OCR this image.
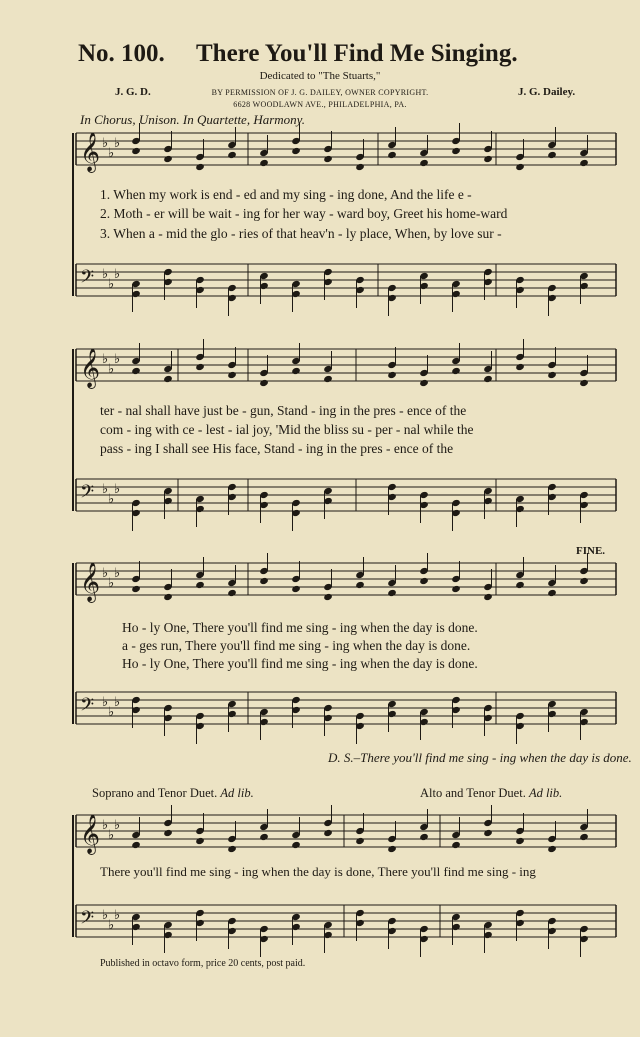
No. 100. There You'll Find Me Singing.
Dedicated to "The Stuarts,"
J. G. D.	J. G. Dailey.
BY PERMISSION OF J. G. DAILEY, OWNER COPYRIGHT.
6628 WOODLAWN AVE., PHILADELPHIA, PA.
In Chorus, Unison. In Quartette, Harmony.
𝄞 ♭
♭
♭
𝄢 ♭
♭
♭
𝄞 ♭
♭
♭
𝄢 ♭
♭
♭
𝄞 ♭
♭
♭
𝄢 ♭
♭
♭
𝄞 ♭
♭
♭
𝄢 ♭
♭
♭
1. When my work is end - ed and my sing - ing done, And the life e -
2. Moth - er will be wait - ing for her way - ward boy, Greet his home-ward
3. When a - mid the glo - ries of that heav'n - ly place, When, by love sur -
ter - nal shall have just be - gun, Stand - ing in the pres - ence of the
com - ing with ce - lest - ial joy, 'Mid the bliss su - per - nal while the
pass - ing I shall see His face, Stand - ing in the pres - ence of the
Ho - ly One, There you'll find me sing - ing when the day is done.
a - ges run, There you'll find me sing - ing when the day is done.
Ho - ly One, There you'll find me sing - ing when the day is done.
FINE.
D. S.–There you'll find me sing - ing when the day is done.
Soprano and Tenor Duet. Ad lib.	Alto and Tenor Duet. Ad lib.
There you'll find me sing - ing when the day is done, There you'll find me sing - ing
Published in octavo form, price 20 cents, post paid.
